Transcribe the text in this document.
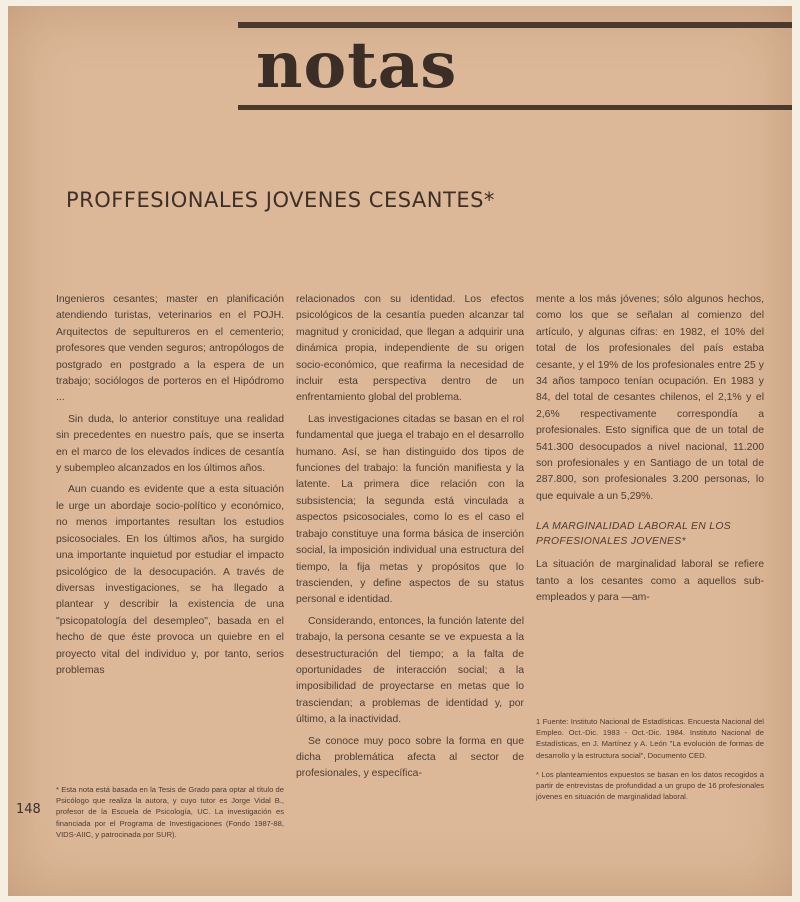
notas
PROFFESIONALES JOVENES CESANTES*

Ingenieros cesantes; master en planificación atendiendo turistas, veterinarios en el POJH. Arquitectos de sepultureros en el cementerio; profesores que venden seguros; antropólogos de postgrado en postgrado a la espera de un trabajo; sociólogos de porteros en el Hipódromo ...

Sin duda, lo anterior constituye una realidad sin precedentes en nuestro país, que se inserta en el marco de los elevados índices de cesantía y subempleo alcanzados en los últimos años.

Aun cuando es evidente que a esta situación le urge un abordaje socio-político y económico, no menos importantes resultan los estudios psicosociales. En los últimos años, ha surgido una importante inquietud por estudiar el impacto psicológico de la desocupación. A través de diversas investigaciones, se ha llegado a plantear y describir la existencia de una "psicopatología del desempleo", basada en el hecho de que éste provoca un quiebre en el proyecto vital del individuo y, por tanto, serios problemas

relacionados con su identidad. Los efectos psicológicos de la cesantía pueden alcanzar tal magnitud y cronicidad, que llegan a adquirir una dinámica propia, independiente de su origen socio-económico, que reafirma la necesidad de incluir esta perspectiva dentro de un enfrentamiento global del problema.

Las investigaciones citadas se basan en el rol fundamental que juega el trabajo en el desarrollo humano. Así, se han distinguido dos tipos de funciones del trabajo: la función manifiesta y la latente. La primera dice relación con la subsistencia; la segunda está vinculada a aspectos psicosociales, como lo es el caso el trabajo constituye una forma básica de inserción social, la imposición individual una estructura del tiempo, la fija metas y propósitos que lo trascienden, y define aspectos de su status personal e identidad.

Considerando, entonces, la función latente del trabajo, la persona cesante se ve expuesta a la desestructuración del tiempo; a la falta de oportunidades de interacción social; a la imposibilidad de proyectarse en metas que lo trasciendan; a problemas de identidad y, por último, a la inactividad.

Se conoce muy poco sobre la forma en que dicha problemática afecta al sector de profesionales, y específica-

mente a los más jóvenes; sólo algunos hechos, como los que se señalan al comienzo del artículo, y algunas cifras: en 1982, el 10% del total de los profesionales del país estaba cesante, y el 19% de los profesionales entre 25 y 34 años tampoco tenían ocupación. En 1983 y 84, del total de cesantes chilenos, el 2,1% y el 2,6% respectivamente correspondía a profesionales. Esto significa que de un total de 541.300 desocupados a nivel nacional, 11.200 son profesionales y en Santiago de un total de 287.800, son profesionales 3.200 personas, lo que equivale a un 5,29%.

LA MARGINALIDAD LABORAL EN LOS PROFESIONALES JOVENES*

La situación de marginalidad laboral se refiere tanto a los cesantes como a aquellos sub-empleados y para —am-

* Esta nota está basada en la Tesis de Grado para optar al título de Psicólogo que realiza la autora, y cuyo tutor es Jorge Vidal B., profesor de la Escuela de Psicología, UC. La investigación es financiada por el Programa de Investigaciones (Fondo 1987-88, VIDS-AIIC, y patrocinada por SUR).

1 Fuente: Instituto Nacional de Estadísticas. Encuesta Nacional del Empleo. Oct.-Dic. 1983 - Oct.-Dic. 1984. Instituto Nacional de Estadísticas, en J. Martínez y A. León "La evolución de formas de desarrollo y la estructura social", Documento CED.

* Los planteamientos expuestos se basan en los datos recogidos a partir de entrevistas de profundidad a un grupo de 16 profesionales jóvenes en situación de marginalidad laboral.

148
